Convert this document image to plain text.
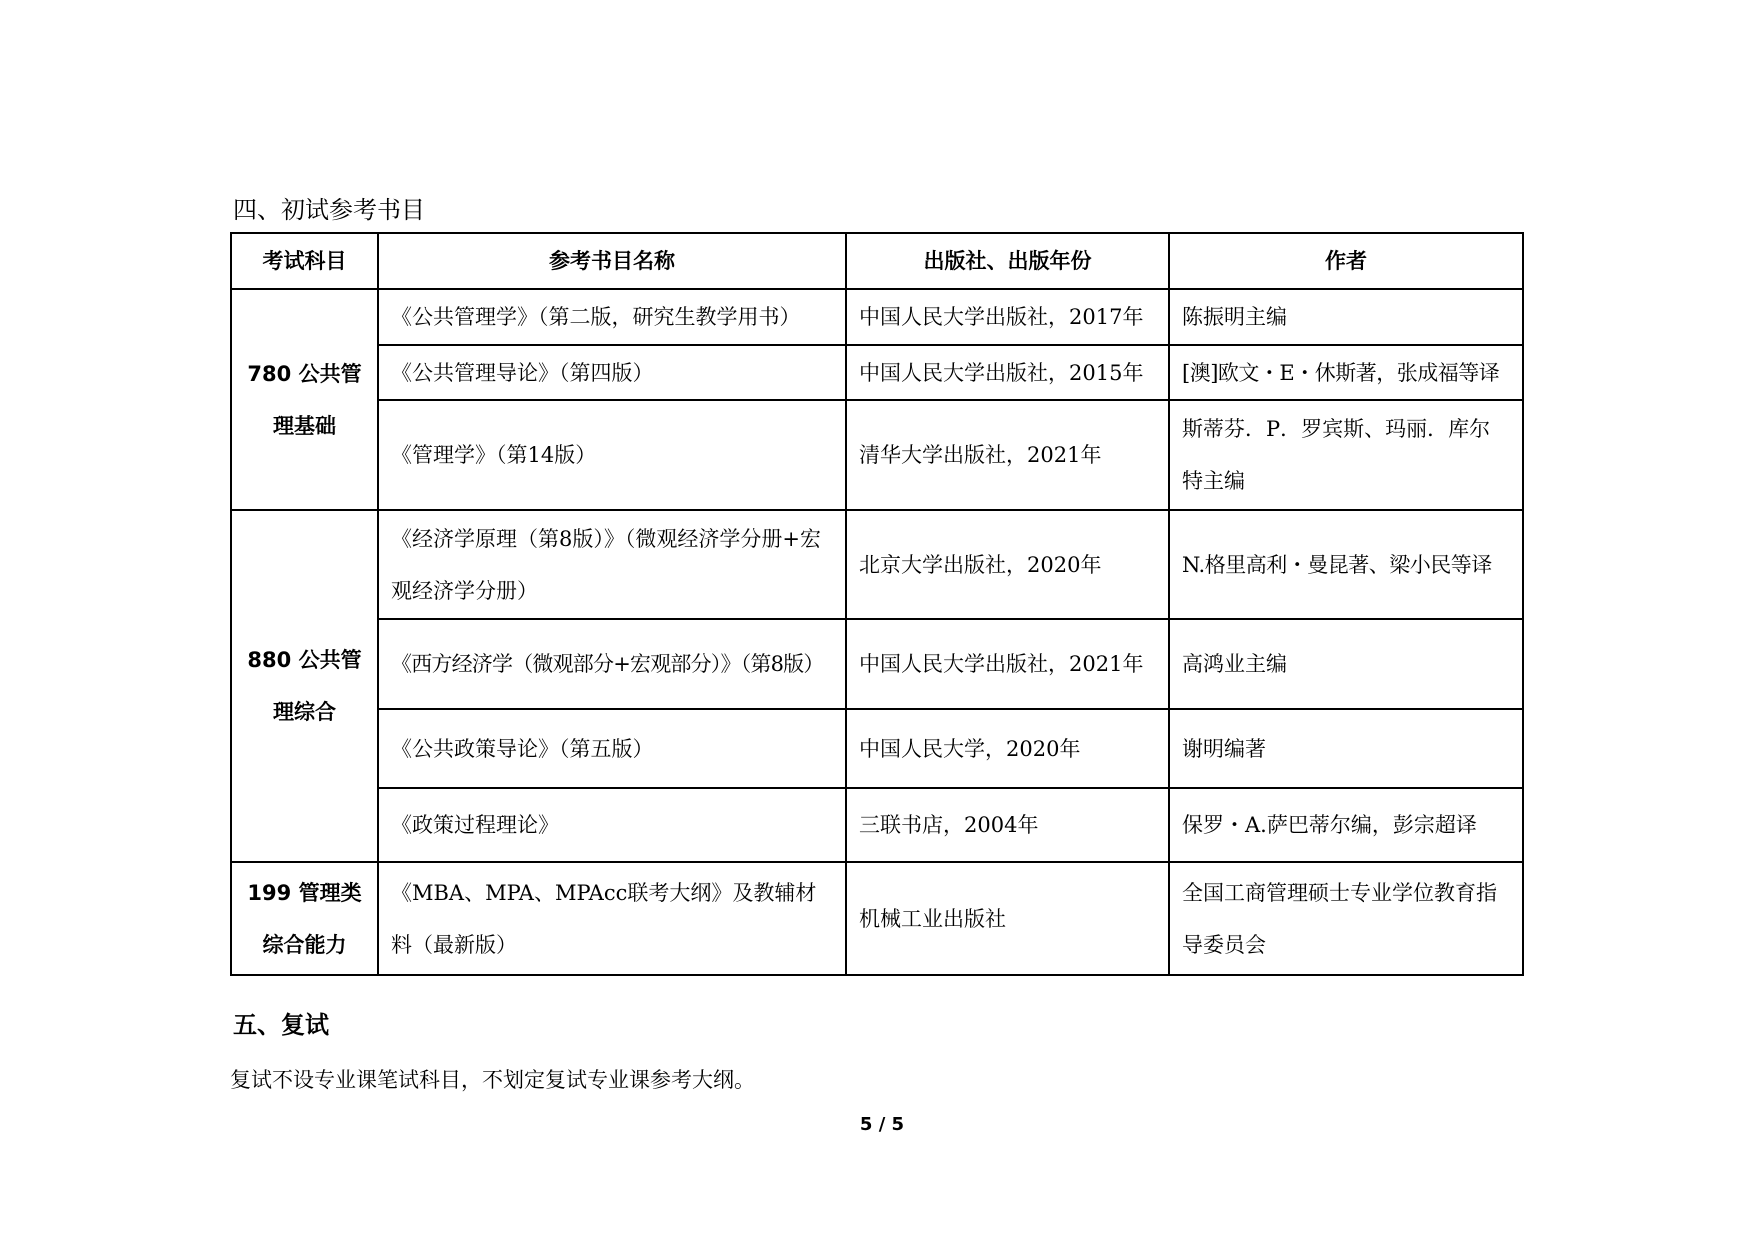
四、初试参考书目
考试科目	参考书目名称	出版社、出版年份	作者
780 公共管理基础	《公共管理学》（第二版，研究生教学用书）	中国人民大学出版社，2017年	陈振明主编
	《公共管理导论》（第四版）	中国人民大学出版社，2015年	[澳]欧文・E・休斯著，张成福等译
	《管理学》（第14版）	清华大学出版社，2021年	斯蒂芬．P．罗宾斯、玛丽．库尔特主编
880 公共管理综合	《经济学原理（第8版）》（微观经济学分册+宏观经济学分册）	北京大学出版社，2020年	N.格里高利・曼昆著、梁小民等译
	《西方经济学（微观部分+宏观部分）》（第8版）	中国人民大学出版社，2021年	高鸿业主编
	《公共政策导论》（第五版）	中国人民大学，2020年	谢明编著
	《政策过程理论》	三联书店，2004年	保罗・A.萨巴蒂尔编，彭宗超译
199 管理类综合能力	《MBA、MPA、MPAcc联考大纲》及教辅材料（最新版）	机械工业出版社	全国工商管理硕士专业学位教育指导委员会
五、复试
复试不设专业课笔试科目，不划定复试专业课参考大纲。
5 / 5
